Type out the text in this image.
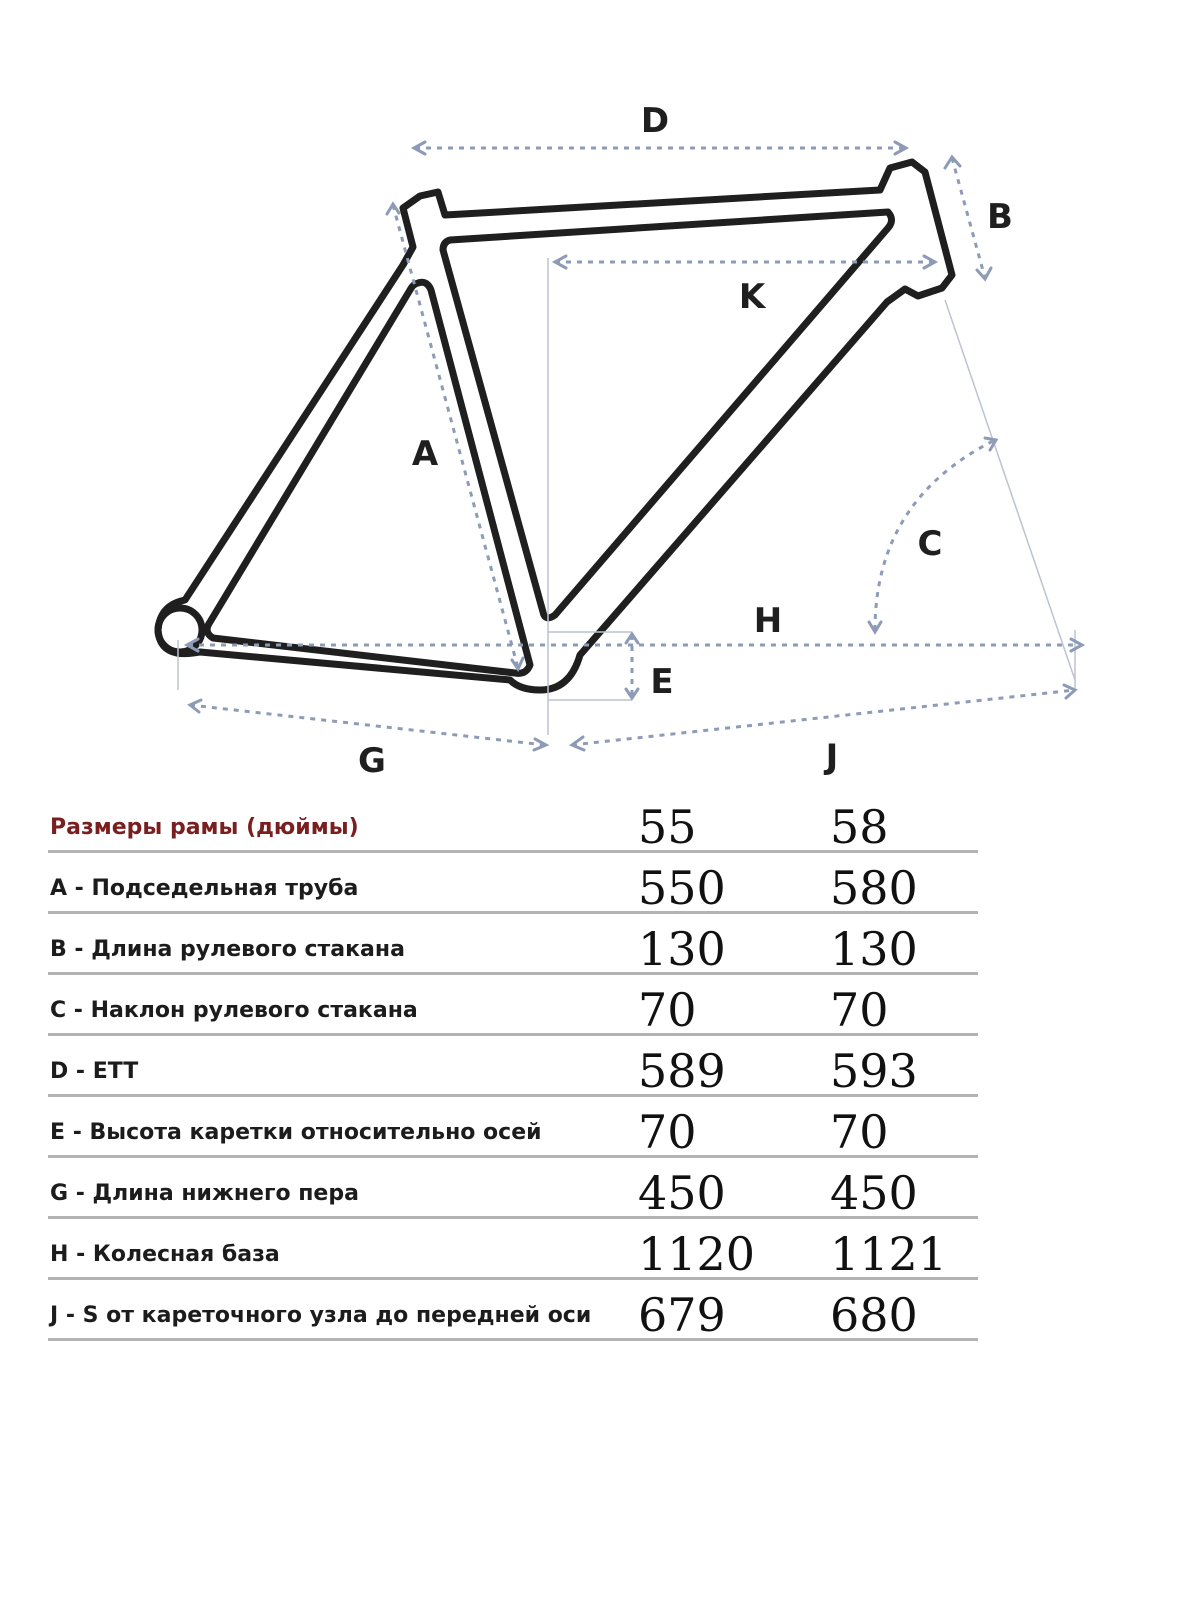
D
B
K
A
C
H
E
G	J
Размеры рамы (дюймы)	55	58
A - Подседельная труба	550 580
B - Длина рулевого стакана	130 130
C - Наклон рулевого стакана	70	70
D - ETT	589 593
E - Высота каретки относительно осей 70	70
G - Длина нижнего пера	450 450
H - Колесная база	1120 1121
J - S от кареточного узла до передней оси 679 680
